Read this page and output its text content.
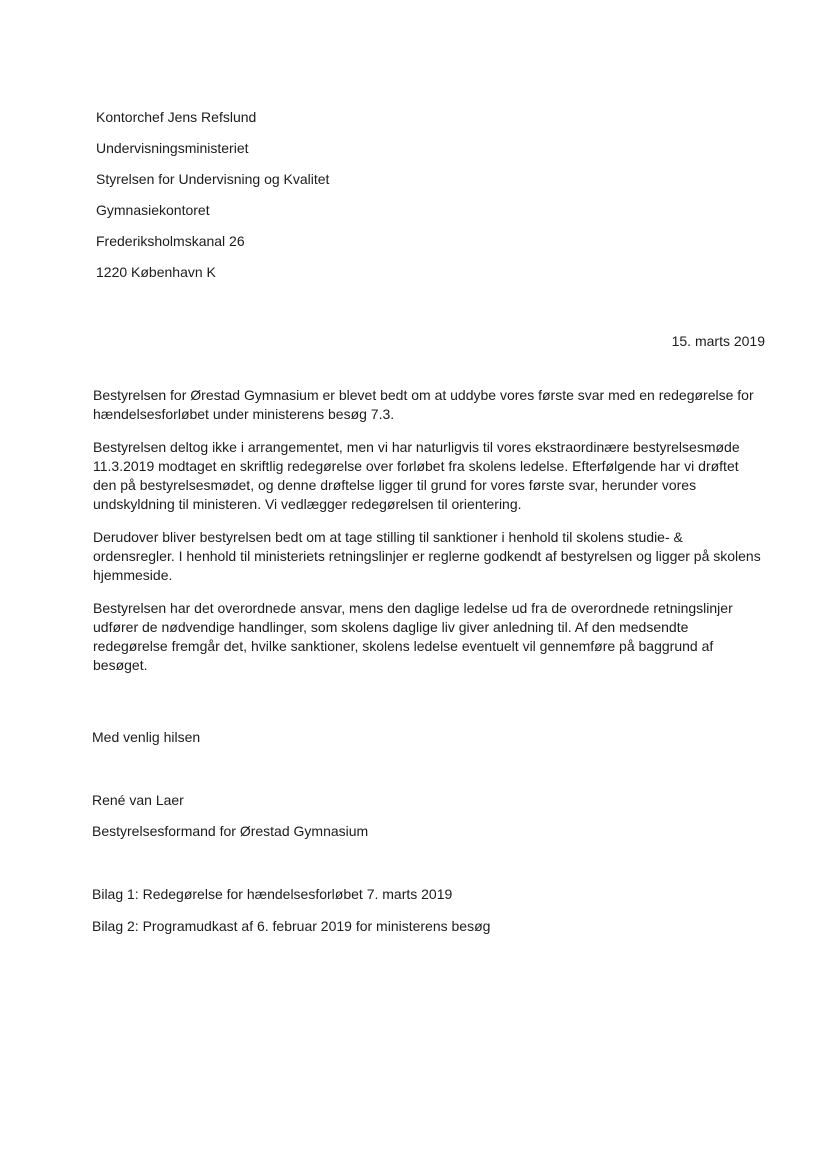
Kontorchef Jens Refslund
Undervisningsministeriet
Styrelsen for Undervisning og Kvalitet
Gymnasiekontoret
Frederiksholmskanal 26
1220 København K
15. marts 2019

Bestyrelsen for Ørestad Gymnasium er blevet bedt om at uddybe vores første svar med en redegørelse for hændelsesforløbet under ministerens besøg 7.3.

Bestyrelsen deltog ikke i arrangementet, men vi har naturligvis til vores ekstraordinære bestyrelsesmøde 11.3.2019 modtaget en skriftlig redegørelse over forløbet fra skolens ledelse. Efterfølgende har vi drøftet den på bestyrelsesmødet, og denne drøftelse ligger til grund for vores første svar, herunder vores undskyldning til ministeren. Vi vedlægger redegørelsen til orientering.

Derudover bliver bestyrelsen bedt om at tage stilling til sanktioner i henhold til skolens studie- & ordensregler. I henhold til ministeriets retningslinjer er reglerne godkendt af bestyrelsen og ligger på skolens hjemmeside.

Bestyrelsen har det overordnede ansvar, mens den daglige ledelse ud fra de overordnede retningslinjer udfører de nødvendige handlinger, som skolens daglige liv giver anledning til. Af den medsendte redegørelse fremgår det, hvilke sanktioner, skolens ledelse eventuelt vil gennemføre på baggrund af besøget.

Med venlig hilsen
René van Laer
Bestyrelsesformand for Ørestad Gymnasium
Bilag 1: Redegørelse for hændelsesforløbet 7. marts 2019
Bilag 2: Programudkast af 6. februar 2019 for ministerens besøg
